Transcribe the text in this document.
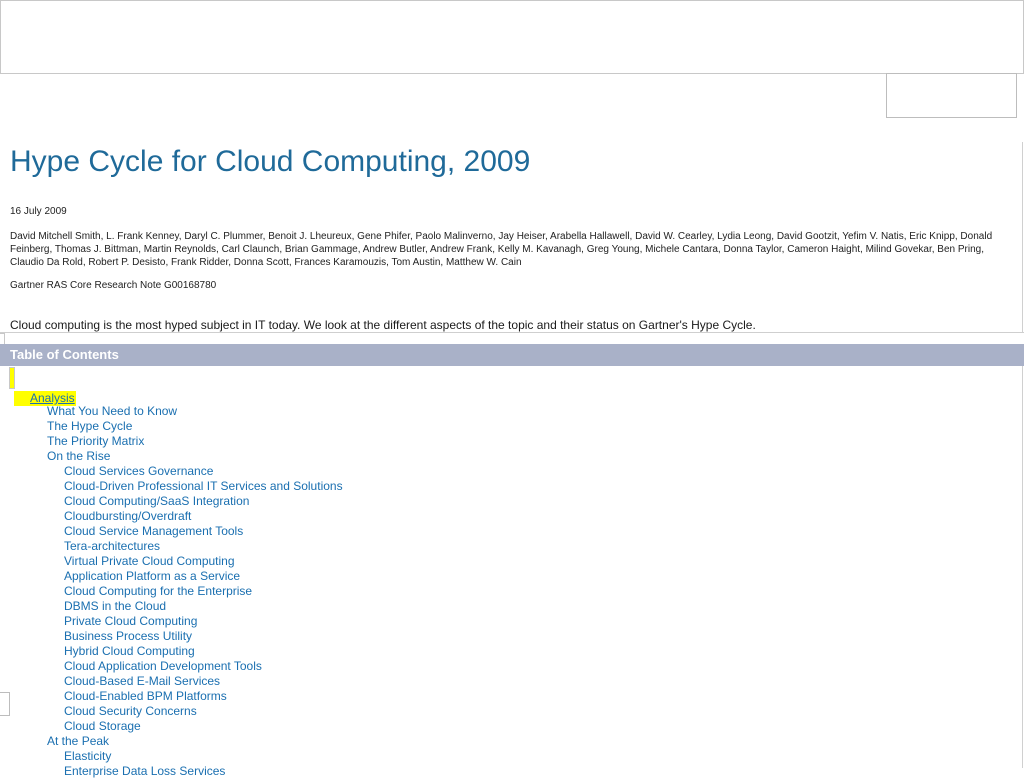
Hype Cycle for Cloud Computing, 2009
16 July 2009
David Mitchell Smith, L. Frank Kenney, Daryl C. Plummer, Benoit J. Lheureux, Gene Phifer, Paolo Malinverno, Jay Heiser, Arabella Hallawell, David W. Cearley, Lydia Leong, David Gootzit, Yefim V. Natis, Eric Knipp, Donald Feinberg, Thomas J. Bittman, Martin Reynolds, Carl Claunch, Brian Gammage, Andrew Butler, Andrew Frank, Kelly M. Kavanagh, Greg Young, Michele Cantara, Donna Taylor, Cameron Haight, Milind Govekar, Ben Pring, Claudio Da Rold, Robert P. Desisto, Frank Ridder, Donna Scott, Frances Karamouzis, Tom Austin, Matthew W. Cain
Gartner RAS Core Research Note G00168780
Cloud computing is the most hyped subject in IT today. We look at the different aspects of the topic and their status on Gartner's Hype Cycle.
Table of Contents
Analysis
What You Need to Know
The Hype Cycle
The Priority Matrix
On the Rise
Cloud Services Governance
Cloud-Driven Professional IT Services and Solutions
Cloud Computing/SaaS Integration
Cloudbursting/Overdraft
Cloud Service Management Tools
Tera-architectures
Virtual Private Cloud Computing
Application Platform as a Service
Cloud Computing for the Enterprise
DBMS in the Cloud
Private Cloud Computing
Business Process Utility
Hybrid Cloud Computing
Cloud Application Development Tools
Cloud-Based E-Mail Services
Cloud-Enabled BPM Platforms
Cloud Security Concerns
Cloud Storage
At the Peak
Elasticity
Enterprise Data Loss Services
